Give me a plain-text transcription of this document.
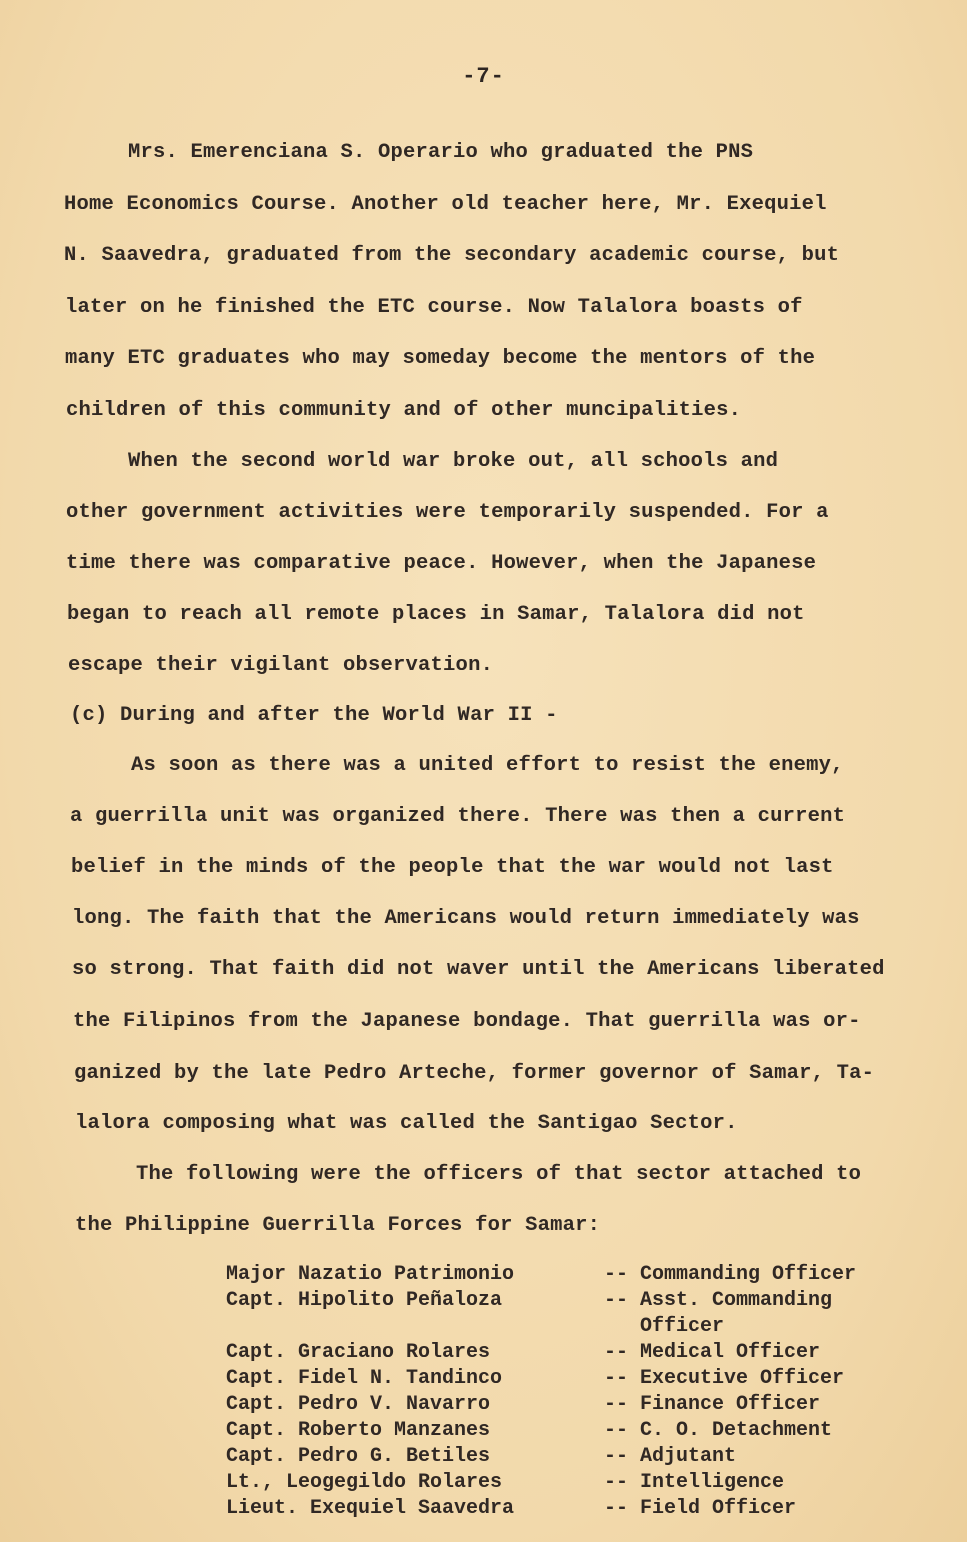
-7-
Mrs. Emerenciana S. Operario who graduated the PNS
Home Economics Course. Another old teacher here, Mr. Exequiel
N. Saavedra, graduated from the secondary academic course, but
later on he finished the ETC course. Now Talalora boasts of
many ETC graduates who may someday become the mentors of the
children of this community and of other muncipalities.
When the second world war broke out, all schools and
other government activities were temporarily suspended. For a
time there was comparative peace. However, when the Japanese
began to reach all remote places in Samar, Talalora did not
escape their vigilant observation.
(c) During and after the World War II -
As soon as there was a united effort to resist the enemy,
a guerrilla unit was organized there. There was then a current
belief in the minds of the people that the war would not last
long. The faith that the Americans would return immediately was
so strong. That faith did not waver until the Americans liberated
the Filipinos from the Japanese bondage. That guerrilla was or-
ganized by the late Pedro Arteche, former governor of Samar, Ta-
lalora composing what was called the Santigao Sector.
The following were the officers of that sector attached to
the Philippine Guerrilla Forces for Samar:
Major Nazatio Patrimonio	-- Commanding Officer
Capt. Hipolito Peñaloza	-- Asst. Commanding
Officer
Capt. Graciano Rolares	-- Medical Officer
Capt. Fidel N. Tandinco	-- Executive Officer
Capt. Pedro V. Navarro	-- Finance Officer
Capt. Roberto Manzanes	-- C. O. Detachment
Capt. Pedro G. Betiles	-- Adjutant
Lt., Leogegildo Rolares	-- Intelligence
Lieut. Exequiel Saavedra	-- Field Officer
